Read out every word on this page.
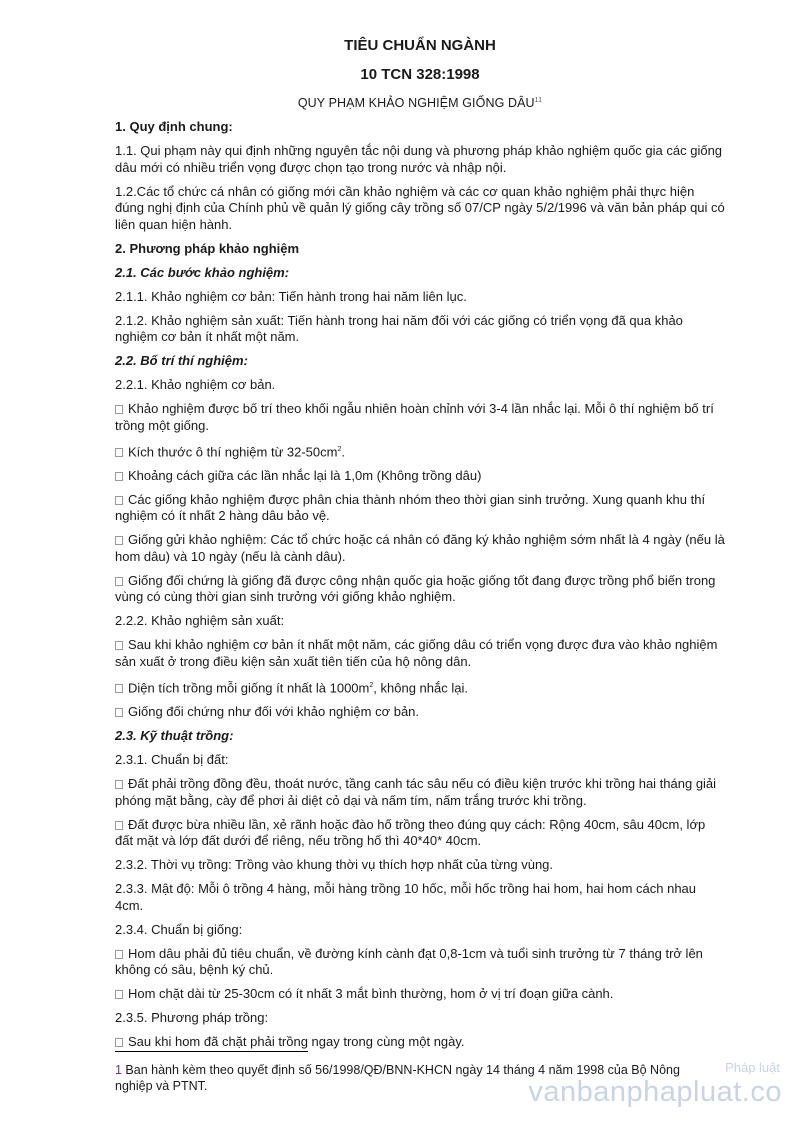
TIÊU CHUẨN NGÀNH

10 TCN 328:1998

QUY PHẠM KHẢO NGHIỆM GIỐNG DÂU$^{11}$

1. Quy định chung:

1.1. Qui phạm này qui định những nguyên tắc nội dung và phương pháp khảo nghiệm quốc gia các giống dâu mới có nhiều triển vọng được chọn tạo trong nước và nhập nội.

1.2.Các tổ chức cá nhân có giống mới cần khảo nghiệm và các cơ quan khảo nghiệm phải thực hiện đúng nghị định của Chính phủ về quản lý giống cây trồng số 07/CP ngày 5/2/1996 và văn bản pháp qui có liên quan hiện hành.

2. Phương pháp khảo nghiệm

2.1. Các bước khảo nghiệm:

2.1.1. Khảo nghiệm cơ bản: Tiến hành trong hai năm liên lục.

2.1.2. Khảo nghiệm sản xuất: Tiến hành trong hai năm đối với các giống có triển vọng đã qua khảo nghiệm cơ bản ít nhất một năm.

2.2. Bố trí thí nghiệm:

2.2.1. Khảo nghiệm cơ bản.

Khảo nghiệm được bố trí theo khối ngẫu nhiên hoàn chỉnh với 3-4 lần nhắc lại. Mỗi ô thí nghiệm bố trí trồng một giống.

Kích thước ô thí nghiệm từ $32-50cm^2$.

Khoảng cách giữa các lần nhắc lại là 1,0m (Không trồng dâu)

Các giống khảo nghiệm được phân chia thành nhóm theo thời gian sinh trưởng. Xung quanh khu thí nghiệm có ít nhất 2 hàng dâu bảo vệ.

Giống gửi khảo nghiệm: Các tổ chức hoặc cá nhân có đăng ký khảo nghiệm sớm nhất là 4 ngày (nếu là hom dâu) và 10 ngày (nếu là cành dâu).

Giống đối chứng là giống đã được công nhận quốc gia hoặc giống tốt đang được trồng phổ biến trong vùng có cùng thời gian sinh trưởng với giống khảo nghiệm.

2.2.2. Khảo nghiệm sản xuất:

Sau khi khảo nghiệm cơ bản ít nhất một năm, các giống dâu có triển vọng được đưa vào khảo nghiệm sản xuất ở trong điều kiện sản xuất tiên tiến của hộ nông dân.

Diện tích trồng mỗi giống ít nhất là $1000m^2$, không nhắc lại.

Giống đối chứng như đối với khảo nghiệm cơ bản.

2.3. Kỹ thuật trồng:

2.3.1. Chuẩn bị đất:

Đất phải trồng đồng đều, thoát nước, tầng canh tác sâu nếu có điều kiện trước khi trồng hai tháng giải phóng mặt bằng, cày để phơi ải diệt cỏ dại và nấm tím, nấm trắng trước khi trồng.

Đất được bừa nhiều lần, xẻ rãnh hoặc đào hố trồng theo đúng quy cách: Rộng 40cm, sâu 40cm, lớp đất mặt và lớp đất dưới để riêng, nếu trồng hố thì 40*40* 40cm.

2.3.2. Thời vụ trồng: Trồng vào khung thời vụ thích hợp nhất của từng vùng.

2.3.3. Mật độ: Mỗi ô trồng 4 hàng, mỗi hàng trồng 10 hốc, mỗi hốc trồng hai hom, hai hom cách nhau 4cm.

2.3.4. Chuẩn bị giống:

Hom dâu phải đủ tiêu chuẩn, về đường kính cành đạt 0,8-1cm và tuổi sinh trưởng từ 7 tháng trở lên không có sâu, bệnh ký chủ.

Hom chặt dài từ 25-30cm có ít nhất 3 mắt bình thường, hom ở vị trí đoạn giữa cành.

2.3.5. Phương pháp trồng:

Sau khi hom đã chặt phải trồng ngay trong cùng một ngày.

1 Ban hành kèm theo quyết định số 56/1998/QĐ/BNN-KHCN ngày 14 tháng 4 năm 1998 của Bộ Nông nghiệp và PTNT.
Pháp luật
vanbanphapluat.co
